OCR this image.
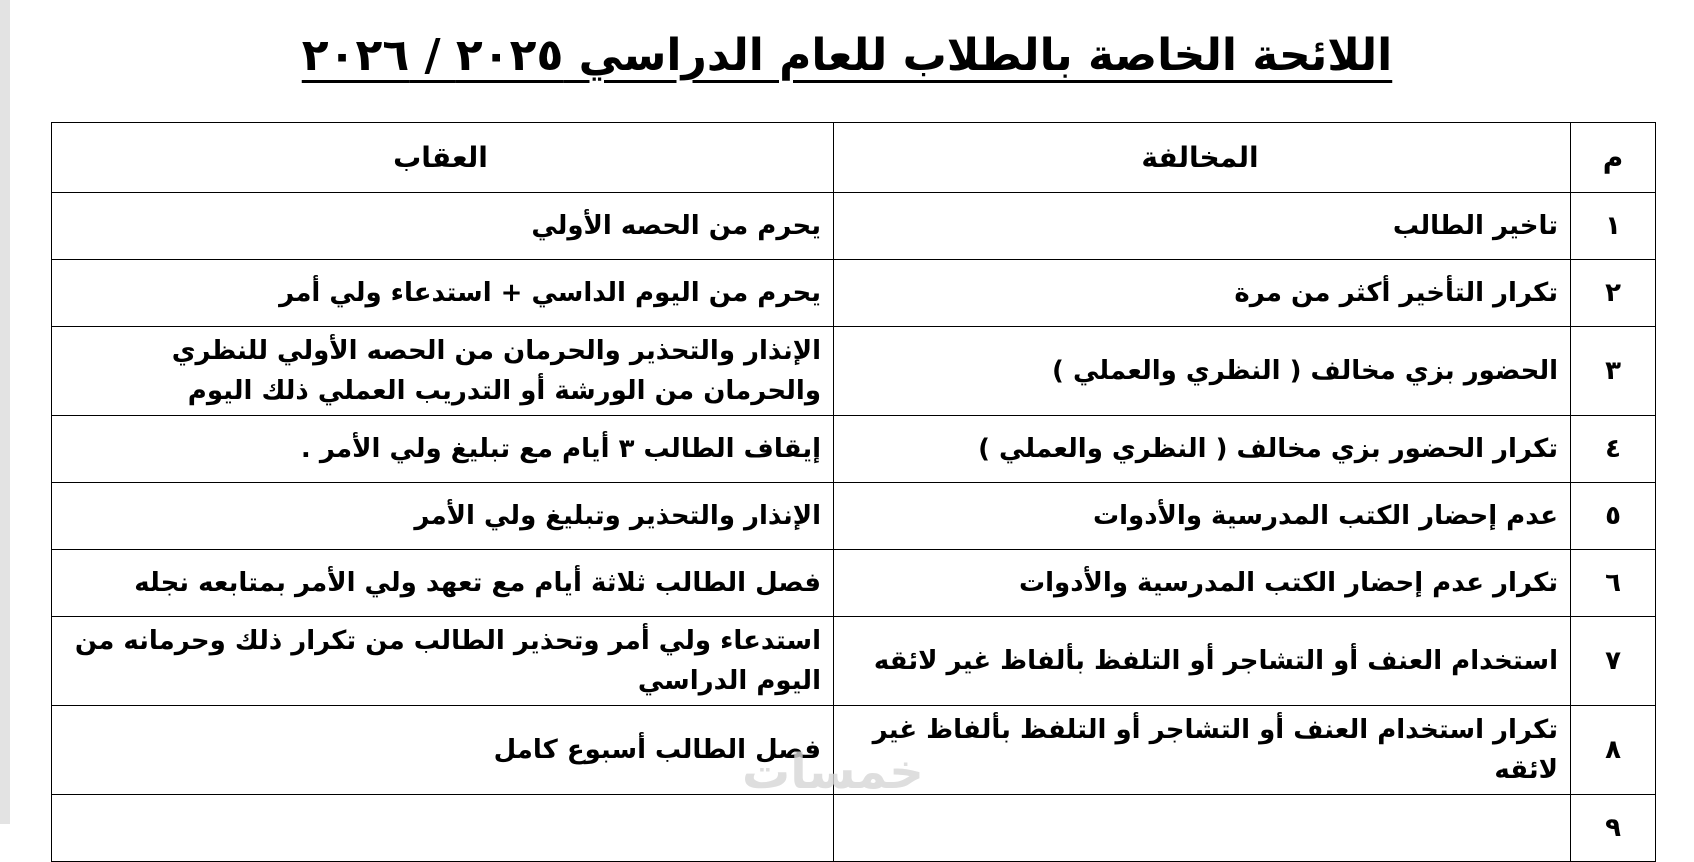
اللائحة الخاصة بالطلاب للعام الدراسي ٢٠٢٥ / ٢٠٢٦
م	المخالفة	العقاب
١	تاخير الطالب	يحرم من الحصه الأولي
٢	تكرار التأخير أكثر من مرة	يحرم من اليوم الداسي + استدعاء ولي أمر
٣	الحضور بزي مخالف ( النظري والعملي )	الإنذار والتحذير والحرمان من الحصه الأولي للنظري والحرمان من الورشة أو التدريب العملي ذلك اليوم
٤	تكرار الحضور بزي مخالف ( النظري والعملي )	إيقاف الطالب ٣ أيام مع تبليغ ولي الأمر .
٥	عدم إحضار الكتب المدرسية والأدوات	الإنذار والتحذير وتبليغ ولي الأمر
٦	تكرار عدم إحضار الكتب المدرسية والأدوات	فصل الطالب ثلاثة أيام مع تعهد ولي الأمر بمتابعه نجله
٧	استخدام العنف أو التشاجر أو التلفظ بألفاظ غير لائقه	استدعاء ولي أمر وتحذير الطالب من تكرار ذلك وحرمانه من اليوم الدراسي
٨	تكرار استخدام العنف أو التشاجر أو التلفظ بألفاظ غير لائقه	فصل الطالب أسبوع كامل
٩		
خمسات
